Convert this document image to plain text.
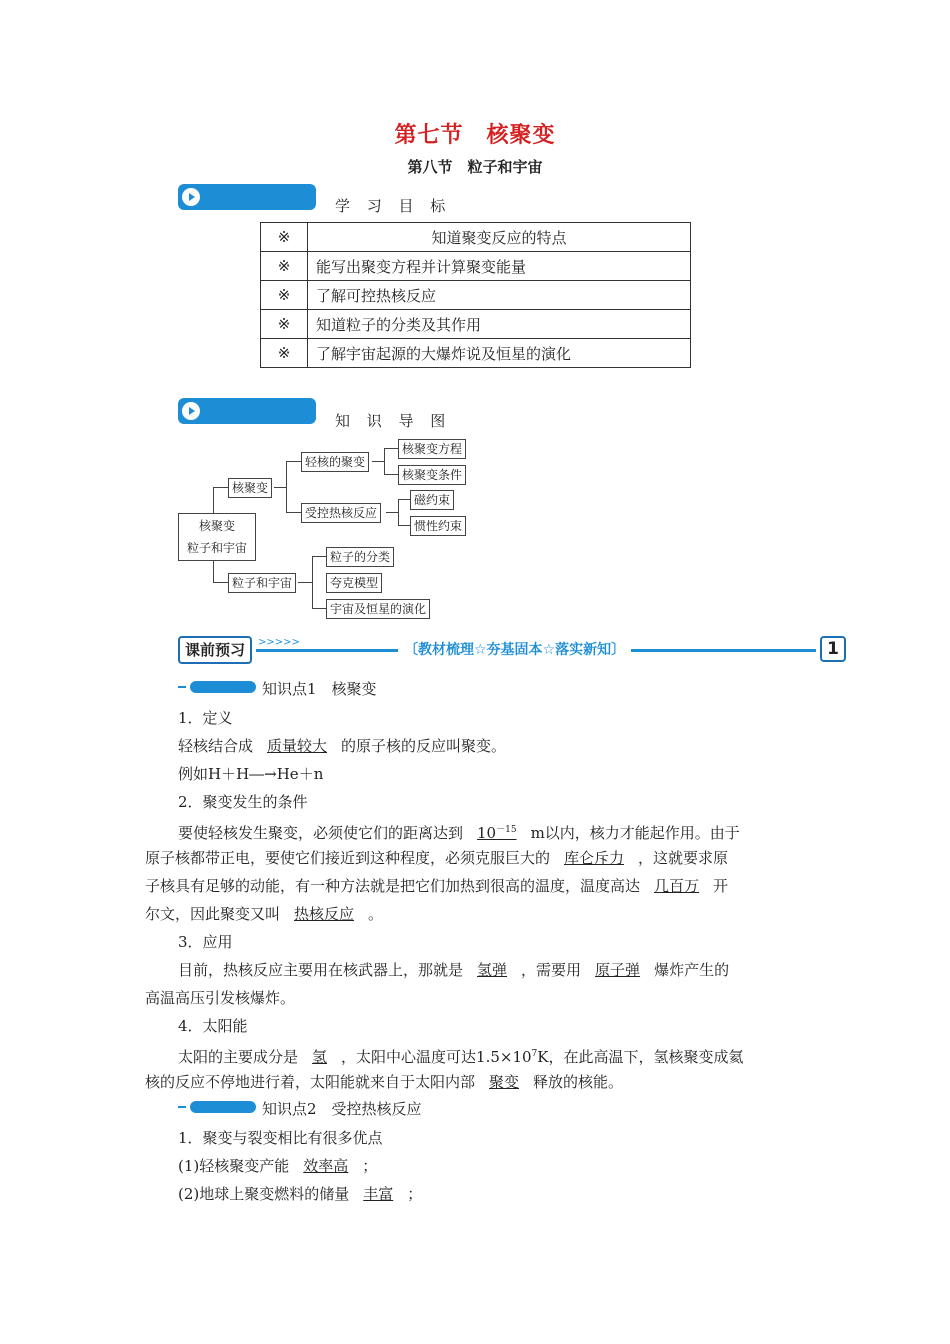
第七节　核聚变
第八节　粒子和宇宙
学 习 目 标
※	知道聚变反应的特点
※	能写出聚变方程并计算聚变能量
※	了解可控热核反应
※	知道粒子的分类及其作用
※	了解宇宙起源的大爆炸说及恒星的演化
知 识 导 图
核聚变
粒子和宇宙
核聚变
粒子和宇宙
轻核的聚变
受控热核反应
核聚变方程
核聚变条件
磁约束
惯性约束
粒子的分类
夸克模型
宇宙及恒星的演化
课前预习	>>>>>	〔教材梳理☆夯基固本☆落实新知〕	1
知识点1　核聚变
1．定义
轻核结合成 质量较大 的原子核的反应叫聚变。
例如H＋H―→He＋n
2．聚变发生的条件
要使轻核发生聚变，必须使它们的距离达到 $10^{-15}$ m以内，核力才能起作用。由于
原子核都带正电，要使它们接近到这种程度，必须克服巨大的 库仑斥力 ，这就要求原
子核具有足够的动能，有一种方法就是把它们加热到很高的温度，温度高达 几百万 开
尔文，因此聚变又叫 热核反应 。
3．应用
目前，热核反应主要用在核武器上，那就是 氢弹 ，需要用 原子弹 爆炸产生的
高温高压引发核爆炸。
4．太阳能
太阳的主要成分是 氢 ，太阳中心温度可达$1.5\times 10^7K$，在此高温下，氢核聚变成氦
核的反应不停地进行着，太阳能就来自于太阳内部 聚变 释放的核能。
知识点2　受控热核反应
1．聚变与裂变相比有很多优点
(1)轻核聚变产能 效率高 ；
(2)地球上聚变燃料的储量 丰富 ；
